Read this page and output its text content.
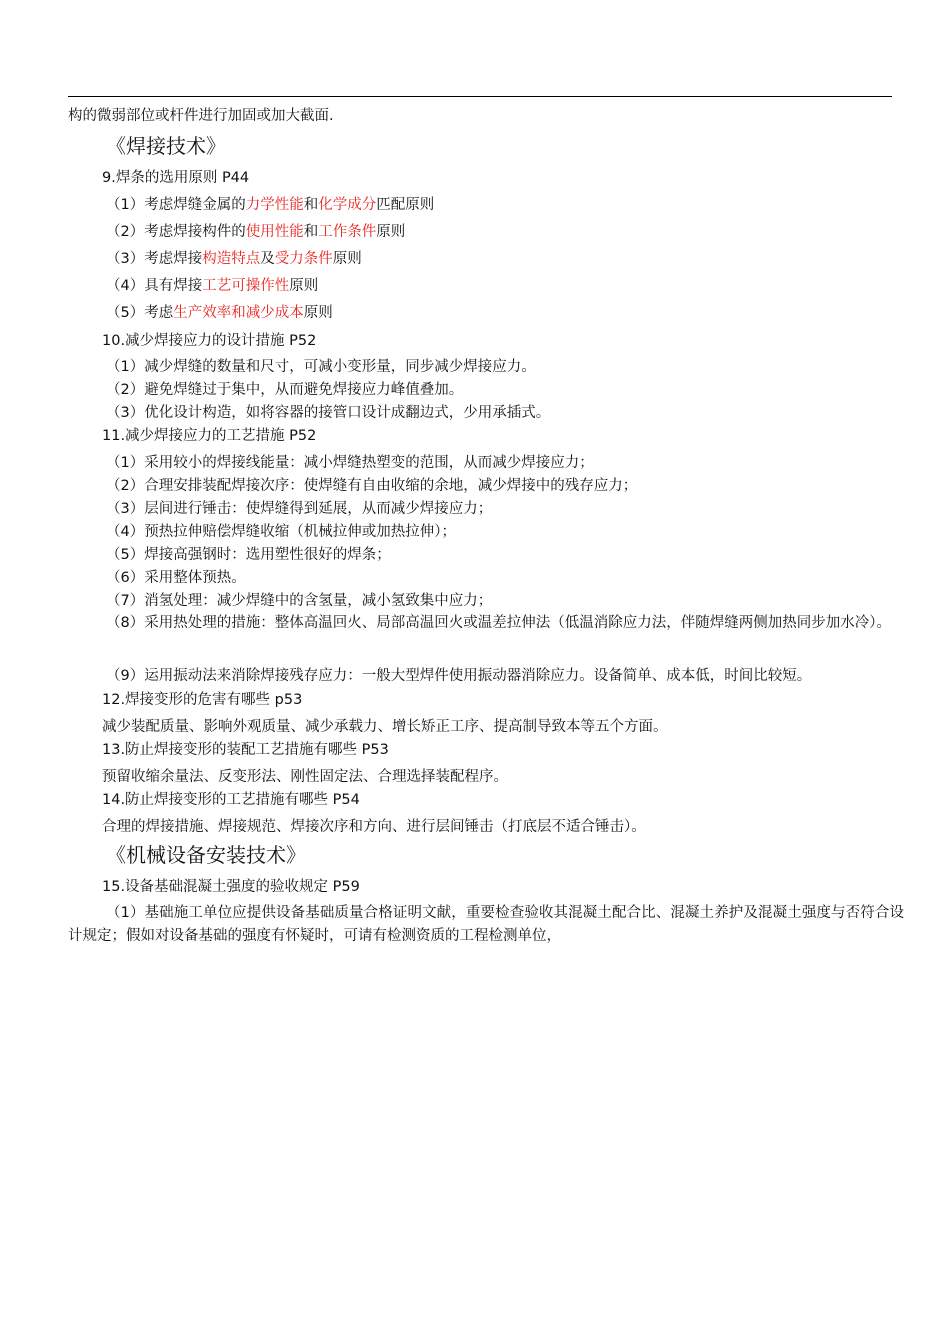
构的微弱部位或杆件进行加固或加大截面.
《焊接技术》
9.焊条的选用原则 P44
（1）考虑焊缝金属的力学性能和化学成分匹配原则
（2）考虑焊接构件的使用性能和工作条件原则
（3）考虑焊接构造特点及受力条件原则
（4）具有焊接工艺可操作性原则
（5）考虑生产效率和减少成本原则
10.减少焊接应力的设计措施 P52
（1）减少焊缝的数量和尺寸，可减小变形量，同步减少焊接应力。
（2）避免焊缝过于集中，从而避免焊接应力峰值叠加。
（3）优化设计构造，如将容器的接管口设计成翻边式，少用承插式。
11.减少焊接应力的工艺措施 P52
（1）采用较小的焊接线能量：减小焊缝热塑变的范围，从而减少焊接应力；
（2）合理安排装配焊接次序：使焊缝有自由收缩的余地，减少焊接中的残存应力；
（3）层间进行锤击：使焊缝得到延展，从而减少焊接应力；
（4）预热拉伸赔偿焊缝收缩（机械拉伸或加热拉伸）；
（5）焊接高强钢时：选用塑性很好的焊条；
（6）采用整体预热。
（7）消氢处理：减少焊缝中的含氢量，减小氢致集中应力；
（8）采用热处理的措施：整体高温回火、局部高温回火或温差拉伸法（低温消除应力法，伴随焊缝两侧加热同步加水冷）。
（9）运用振动法来消除焊接残存应力：一般大型焊件使用振动器消除应力。设备简单、成本低，时间比较短。
12.焊接变形的危害有哪些 p53
减少装配质量、影响外观质量、减少承载力、增长矫正工序、提高制导致本等五个方面。
13.防止焊接变形的装配工艺措施有哪些 P53
预留收缩余量法、反变形法、刚性固定法、合理选择装配程序。
14.防止焊接变形的工艺措施有哪些 P54
合理的焊接措施、焊接规范、焊接次序和方向、进行层间锤击（打底层不适合锤击）。
《机械设备安装技术》
15.设备基础混凝土强度的验收规定 P59
（1）基础施工单位应提供设备基础质量合格证明文献，重要检查验收其混凝土配合比、混凝土养护及混凝土强度与否符合设计规定；假如对设备基础的强度有怀疑时，可请有检测资质的工程检测单位，
